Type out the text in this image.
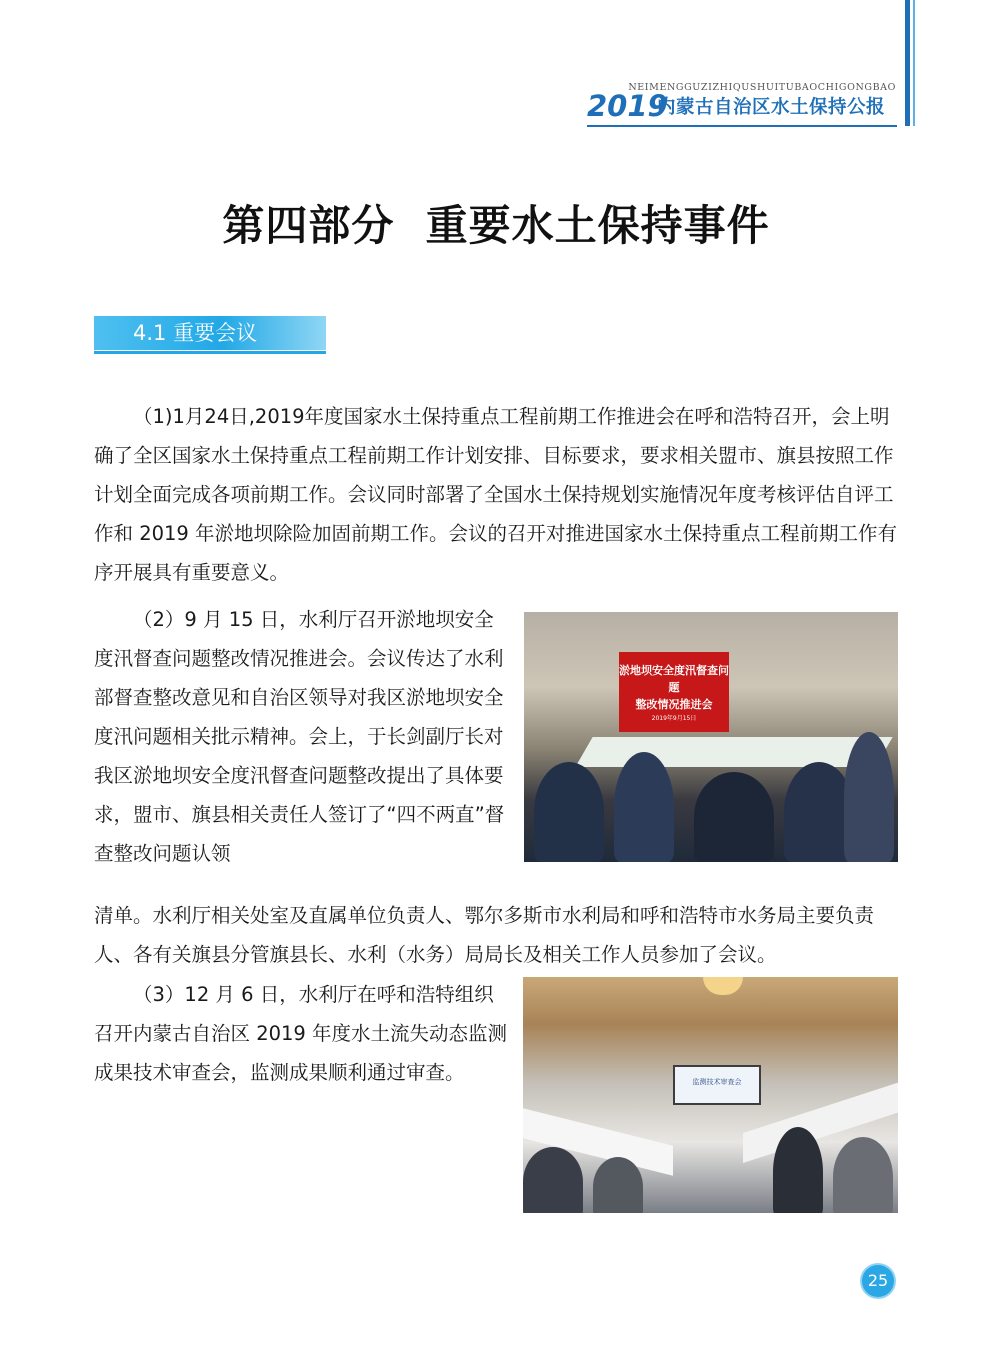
NEIMENGGUZIZHIQUSHUITUBAOCHIGONGBAO
2019
内蒙古自治区水土保持公报
第四部分  重要水土保持事件
4.1 重要会议

（1)1月24日,2019年度国家水土保持重点工程前期工作推进会在呼和浩特召开，会上明确了全区国家水土保持重点工程前期工作计划安排、目标要求，要求相关盟市、旗县按照工作计划全面完成各项前期工作。会议同时部署了全国水土保持规划实施情况年度考核评估自评工作和 2019 年淤地坝除险加固前期工作。会议的召开对推进国家水土保持重点工程前期工作有序开展具有重要意义。

（2）9 月 15 日，水利厅召开淤地坝安全度汛督查问题整改情况推进会。会议传达了水利部督查整改意见和自治区领导对我区淤地坝安全度汛问题相关批示精神。会上，于长剑副厅长对我区淤地坝安全度汛督查问题整改提出了具体要求，盟市、旗县相关责任人签订了“四不两直”督查整改问题认领

清单。水利厅相关处室及直属单位负责人、鄂尔多斯市水利局和呼和浩特市水务局主要负责人、各有关旗县分管旗县长、水利（水务）局局长及相关工作人员参加了会议。

（3）12 月 6 日，水利厅在呼和浩特组织召开内蒙古自治区 2019 年度水土流失动态监测成果技术审查会，监测成果顺利通过审查。

淤地坝安全度汛督查问题
整改情况推进会
2019年9月15日
监测技术审查会
25
